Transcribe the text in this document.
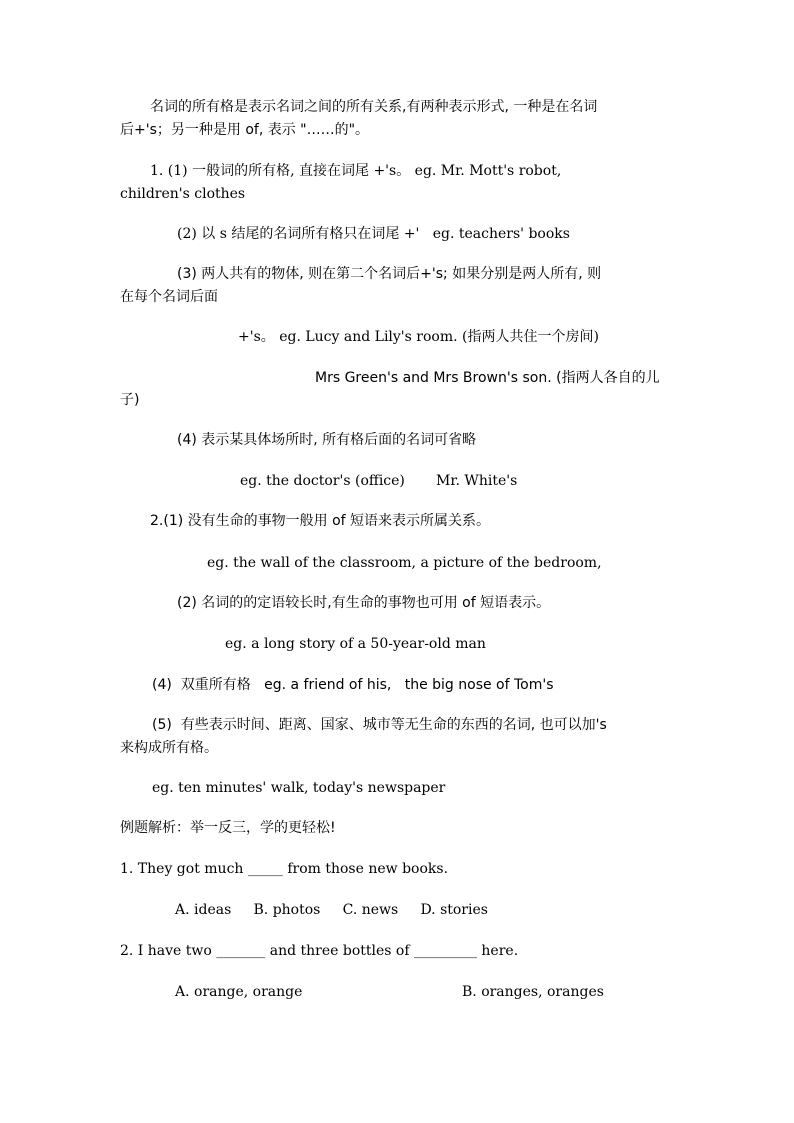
名词的所有格是表示名词之间的所有关系,有两种表示形式, 一种是在名词
后+'s；另一种是用 of, 表示 "……的"。
1. (1) 一般词的所有格, 直接在词尾 +'s。 eg. Mr. Mott's robot,
children's clothes
(2) 以 s 结尾的名词所有格只在词尾 +'   eg. teachers' books
(3) 两人共有的物体, 则在第二个名词后+'s; 如果分别是两人所有, 则
在每个名词后面
+'s。 eg. Lucy and Lily's room. (指两人共住一个房间)
Mrs Green's and Mrs Brown's son. (指两人各自的儿
子)
(4) 表示某具体场所时, 所有格后面的名词可省略
eg. the doctor's (office)       Mr. White's
2.(1) 没有生命的事物一般用 of 短语来表示所属关系。
eg. the wall of the classroom, a picture of the bedroom,
(2) 名词的的定语较长时,有生命的事物也可用 of 短语表示。
eg. a long story of a 50-year-old man
(4)  双重所有格   eg. a friend of his,   the big nose of Tom's
(5)  有些表示时间、距离、国家、城市等无生命的东西的名词, 也可以加's
来构成所有格。
eg. ten minutes' walk, today's newspaper
例题解析：举一反三，学的更轻松!
1. They got much _____ from those new books.
A. ideas     B. photos     C. news     D. stories
2. I have two _______ and three bottles of _________ here.
A. orange, orange	B. oranges, oranges
